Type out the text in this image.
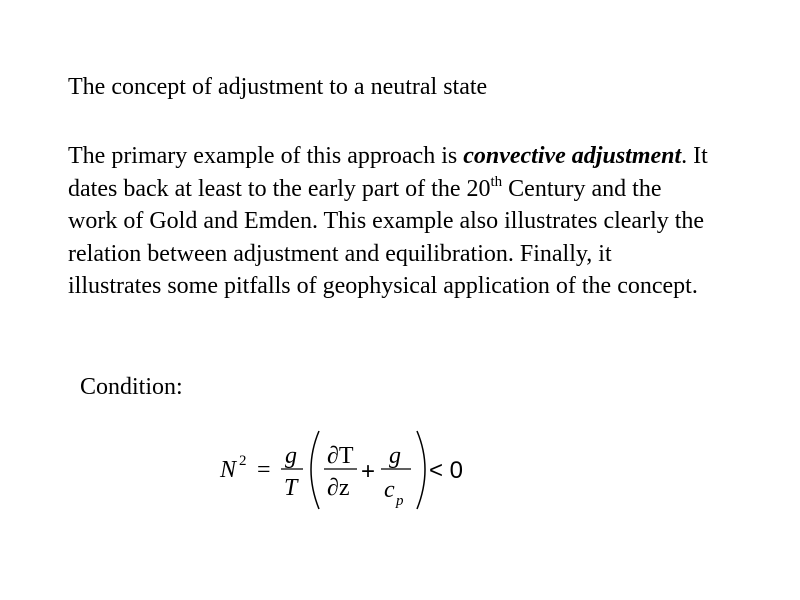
The concept of adjustment to a neutral state
The primary example of this approach is convective adjustment. It dates back at least to the early part of the 20th Century and the work of Gold and Emden. This example also illustrates clearly the relation between adjustment and equilibration. Finally, it illustrates some pitfalls of geophysical application of the concept.
Condition:
N 2 =
g
T
∂T
∂z
+
g
c p
< 0
